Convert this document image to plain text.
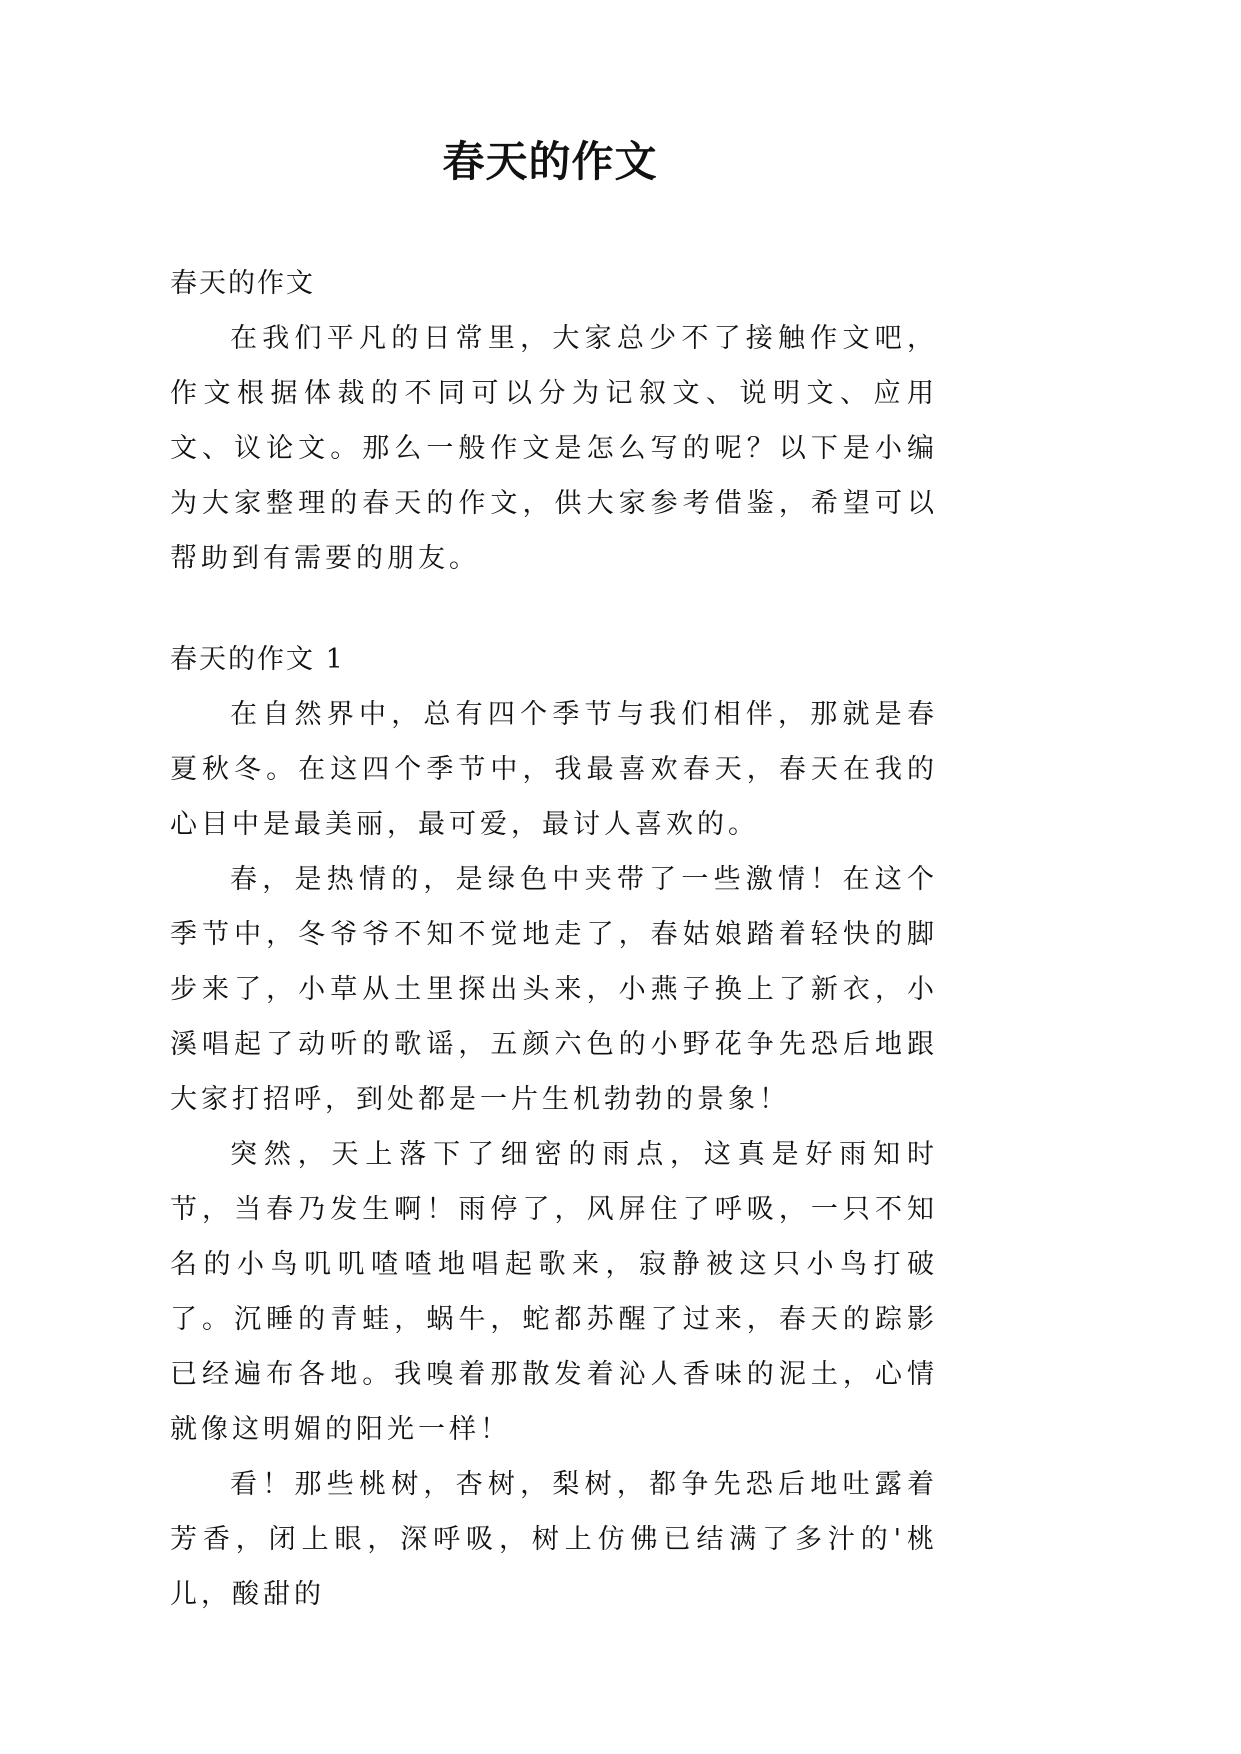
春天的作文

春天的作文

在我们平凡的日常里，大家总少不了接触作文吧，作文根据体裁的不同可以分为记叙文、说明文、应用文、议论文。那么一般作文是怎么写的呢？以下是小编为大家整理的春天的作文，供大家参考借鉴，希望可以帮助到有需要的朋友。

春天的作文 1

在自然界中，总有四个季节与我们相伴，那就是春夏秋冬。在这四个季节中，我最喜欢春天，春天在我的心目中是最美丽，最可爱，最讨人喜欢的。

春，是热情的，是绿色中夹带了一些激情！在这个季节中，冬爷爷不知不觉地走了，春姑娘踏着轻快的脚步来了，小草从土里探出头来，小燕子换上了新衣，小溪唱起了动听的歌谣，五颜六色的小野花争先恐后地跟大家打招呼，到处都是一片生机勃勃的景象！

突然，天上落下了细密的雨点，这真是好雨知时节，当春乃发生啊！雨停了，风屏住了呼吸，一只不知名的小鸟叽叽喳喳地唱起歌来，寂静被这只小鸟打破了。沉睡的青蛙，蜗牛，蛇都苏醒了过来，春天的踪影已经遍布各地。我嗅着那散发着沁人香味的泥土，心情就像这明媚的阳光一样！

看！那些桃树，杏树，梨树，都争先恐后地吐露着芳香，闭上眼，深呼吸，树上仿佛已结满了多汁的'桃儿，酸甜的
